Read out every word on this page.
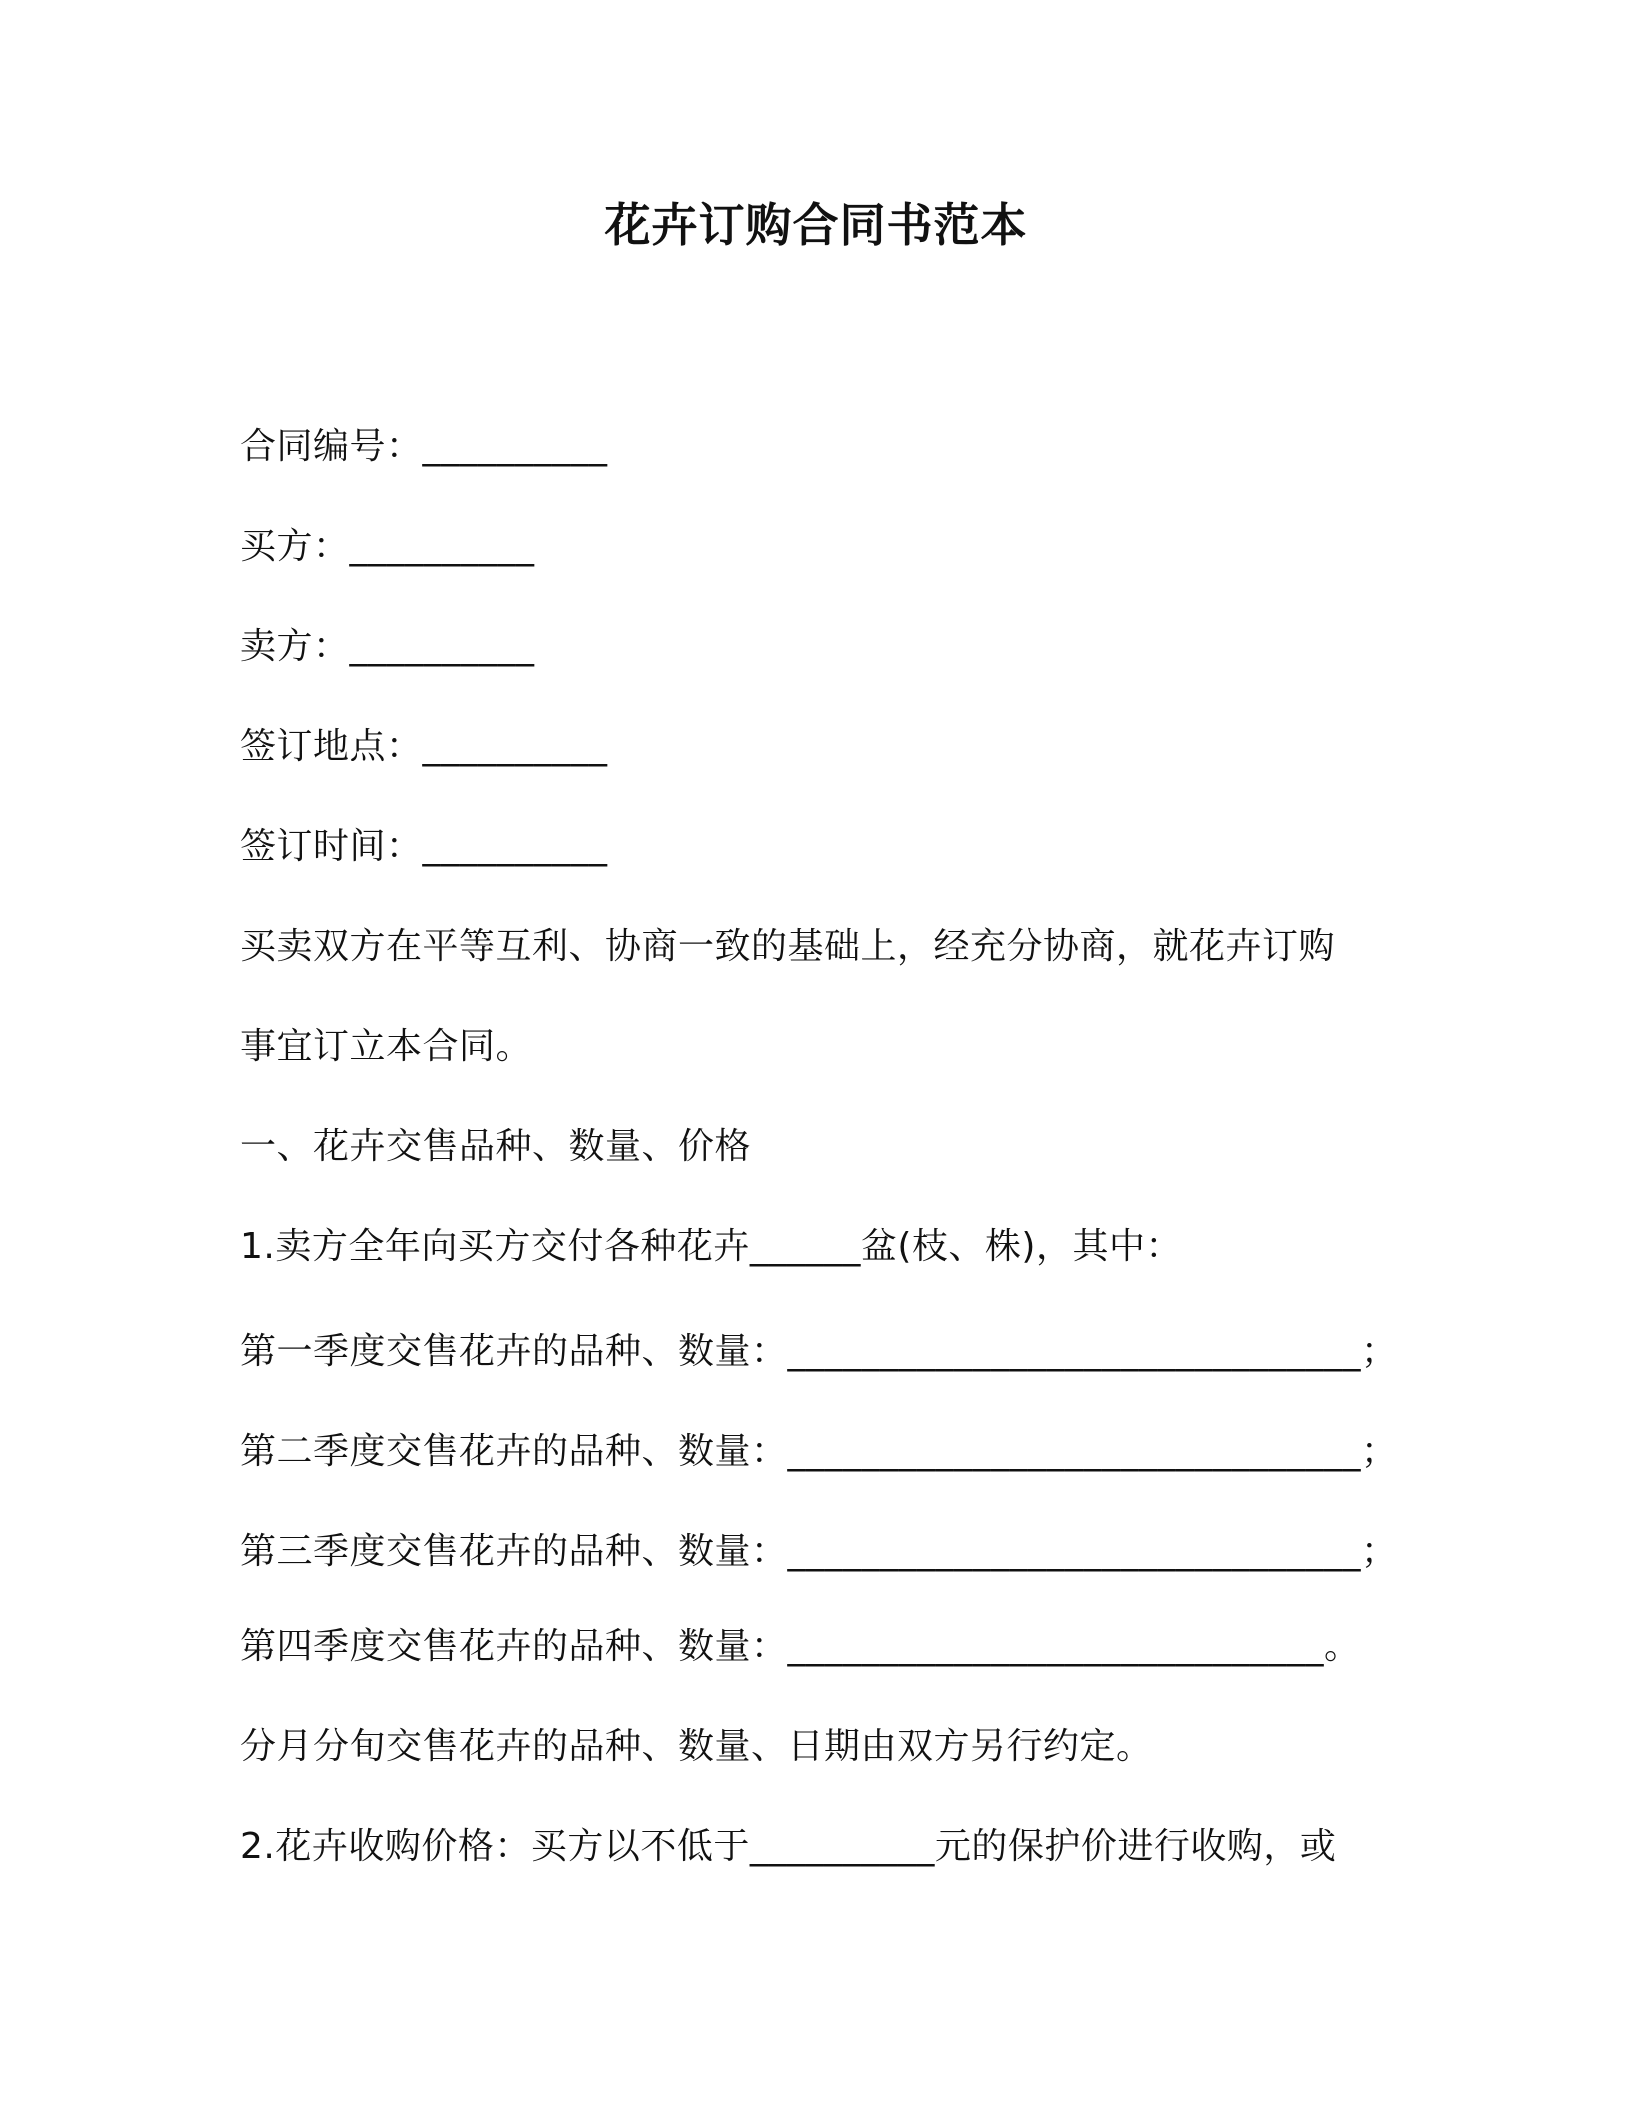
花卉订购合同书范本
合同编号：__________
买方：__________
卖方：__________
签订地点：__________
签订时间：__________
买卖双方在平等互利、协商一致的基础上，经充分协商，就花卉订购
事宜订立本合同。
一、花卉交售品种、数量、价格
1.卖方全年向买方交付各种花卉______盆(枝、株)，其中：
第一季度交售花卉的品种、数量：_______________________________；
第二季度交售花卉的品种、数量：_______________________________；
第三季度交售花卉的品种、数量：_______________________________；
第四季度交售花卉的品种、数量：_____________________________。
分月分旬交售花卉的品种、数量、日期由双方另行约定。
2.花卉收购价格：买方以不低于__________元的保护价进行收购，或
